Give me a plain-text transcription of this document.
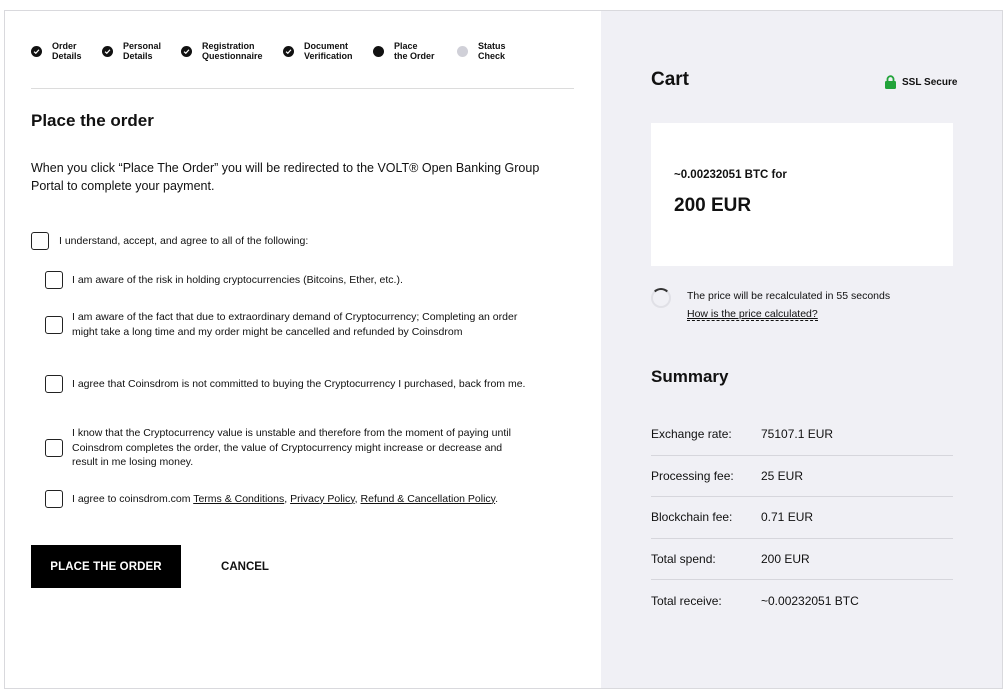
Order
Details
Personal
Details
Registration
Questionnaire
Document
Verification
Place
the Order
Status
Check
Place the order

When you click “Place The Order” you will be redirected to the VOLT® Open Banking Group Portal to complete your payment.

I understand, accept, and agree to all of the following:
I am aware of the risk in holding cryptocurrencies (Bitcoins, Ether, etc.).
I am aware of the fact that due to extraordinary demand of Cryptocurrency; Completing an order might take a long time and my order might be cancelled and refunded by Coinsdrom
I agree that Coinsdrom is not committed to buying the Cryptocurrency I purchased, back from me.
I know that the Cryptocurrency value is unstable and therefore from the moment of paying until Coinsdrom completes the order, the value of Cryptocurrency might increase or decrease and result in me losing money.
I agree to coinsdrom.com Terms & Conditions, Privacy Policy, Refund & Cancellation Policy.
PLACE THE ORDER	CANCEL
Cart	SSL Secure
~0.00232051 BTC for
200 EUR
The price will be recalculated in 55 seconds
How is the price calculated?
Summary
Exchange rate:	75107.1 EUR
Processing fee:	25 EUR
Blockchain fee:	0.71 EUR
Total spend:	200 EUR
Total receive:	~0.00232051 BTC
